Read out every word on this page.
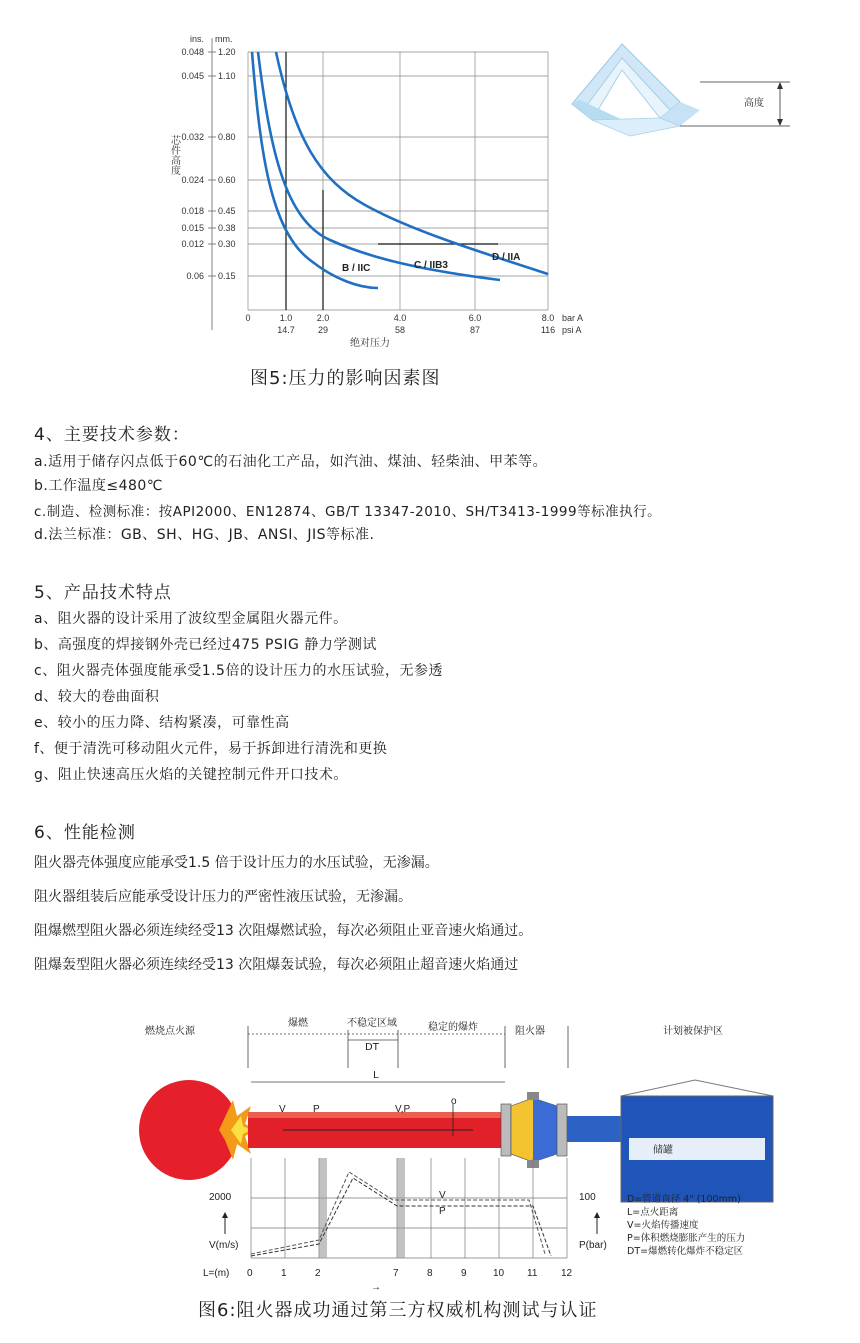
ins. mm.
0.048
0.045
0.032
0.024
0.018
0.015
0.012
0.06
1.20
1.10
0.80
0.60
0.45
0.38
0.30
0.15
芯件高度
0	1.0	2.0	4.0	6.0	8.0
14.7	29	58	87	116
bar A
psi A
绝对压力
B / IIC	C / IIB3
D / IIA
高度
图5:压力的影响因素图
4、主要技术参数：
a.适用于储存闪点低于60℃的石油化工产品，如汽油、煤油、轻柴油、甲苯等。
b.工作温度≤480℃
c.制造、检测标准：按API2000、EN12874、GB/T 13347-2010、SH/T3413-1999等标准执行。
d.法兰标准：GB、SH、HG、JB、ANSI、JIS等标准.
5、产品技术特点
a、阻火器的设计采用了波纹型金属阻火器元件。
b、高强度的焊接钢外壳已经过475 PSIG 静力学测试
c、阻火器壳体强度能承受1.5倍的设计压力的水压试验，无参透
d、较大的卷曲面积
e、较小的压力降、结构紧凑，可靠性高
f、便于清洗可移动阻火元件，易于拆卸进行清洗和更换
g、阻止快速高压火焰的关键控制元件开口技术。
6、性能检测
阻火器壳体强度应能承受1.5 倍于设计压力的水压试验，无渗漏。
阻火器组装后应能承受设计压力的严密性液压试验，无渗漏。
阻爆燃型阻火器必须连续经受13 次阻爆燃试验，每次必须阻止亚音速火焰通过。
阻爆轰型阻火器必须连续经受13 次阻爆轰试验，每次必须阻止超音速火焰通过
燃烧点火源
爆燃	不稳定区域	稳定的爆炸	阻火器	计划被保护区
DT
L
V	P	V,P
o
储罐
V
P
2000
V(m/s)
100
P(bar)
L=(m) 0	1	2	7	8	9	10 11 12
→
D=管道直径 4" (100mm)
L=点火距离
V=火焰传播速度
P=体积燃烧膨胀产生的压力
DT=爆燃转化爆炸不稳定区
图6:阻火器成功通过第三方权威机构测试与认证
